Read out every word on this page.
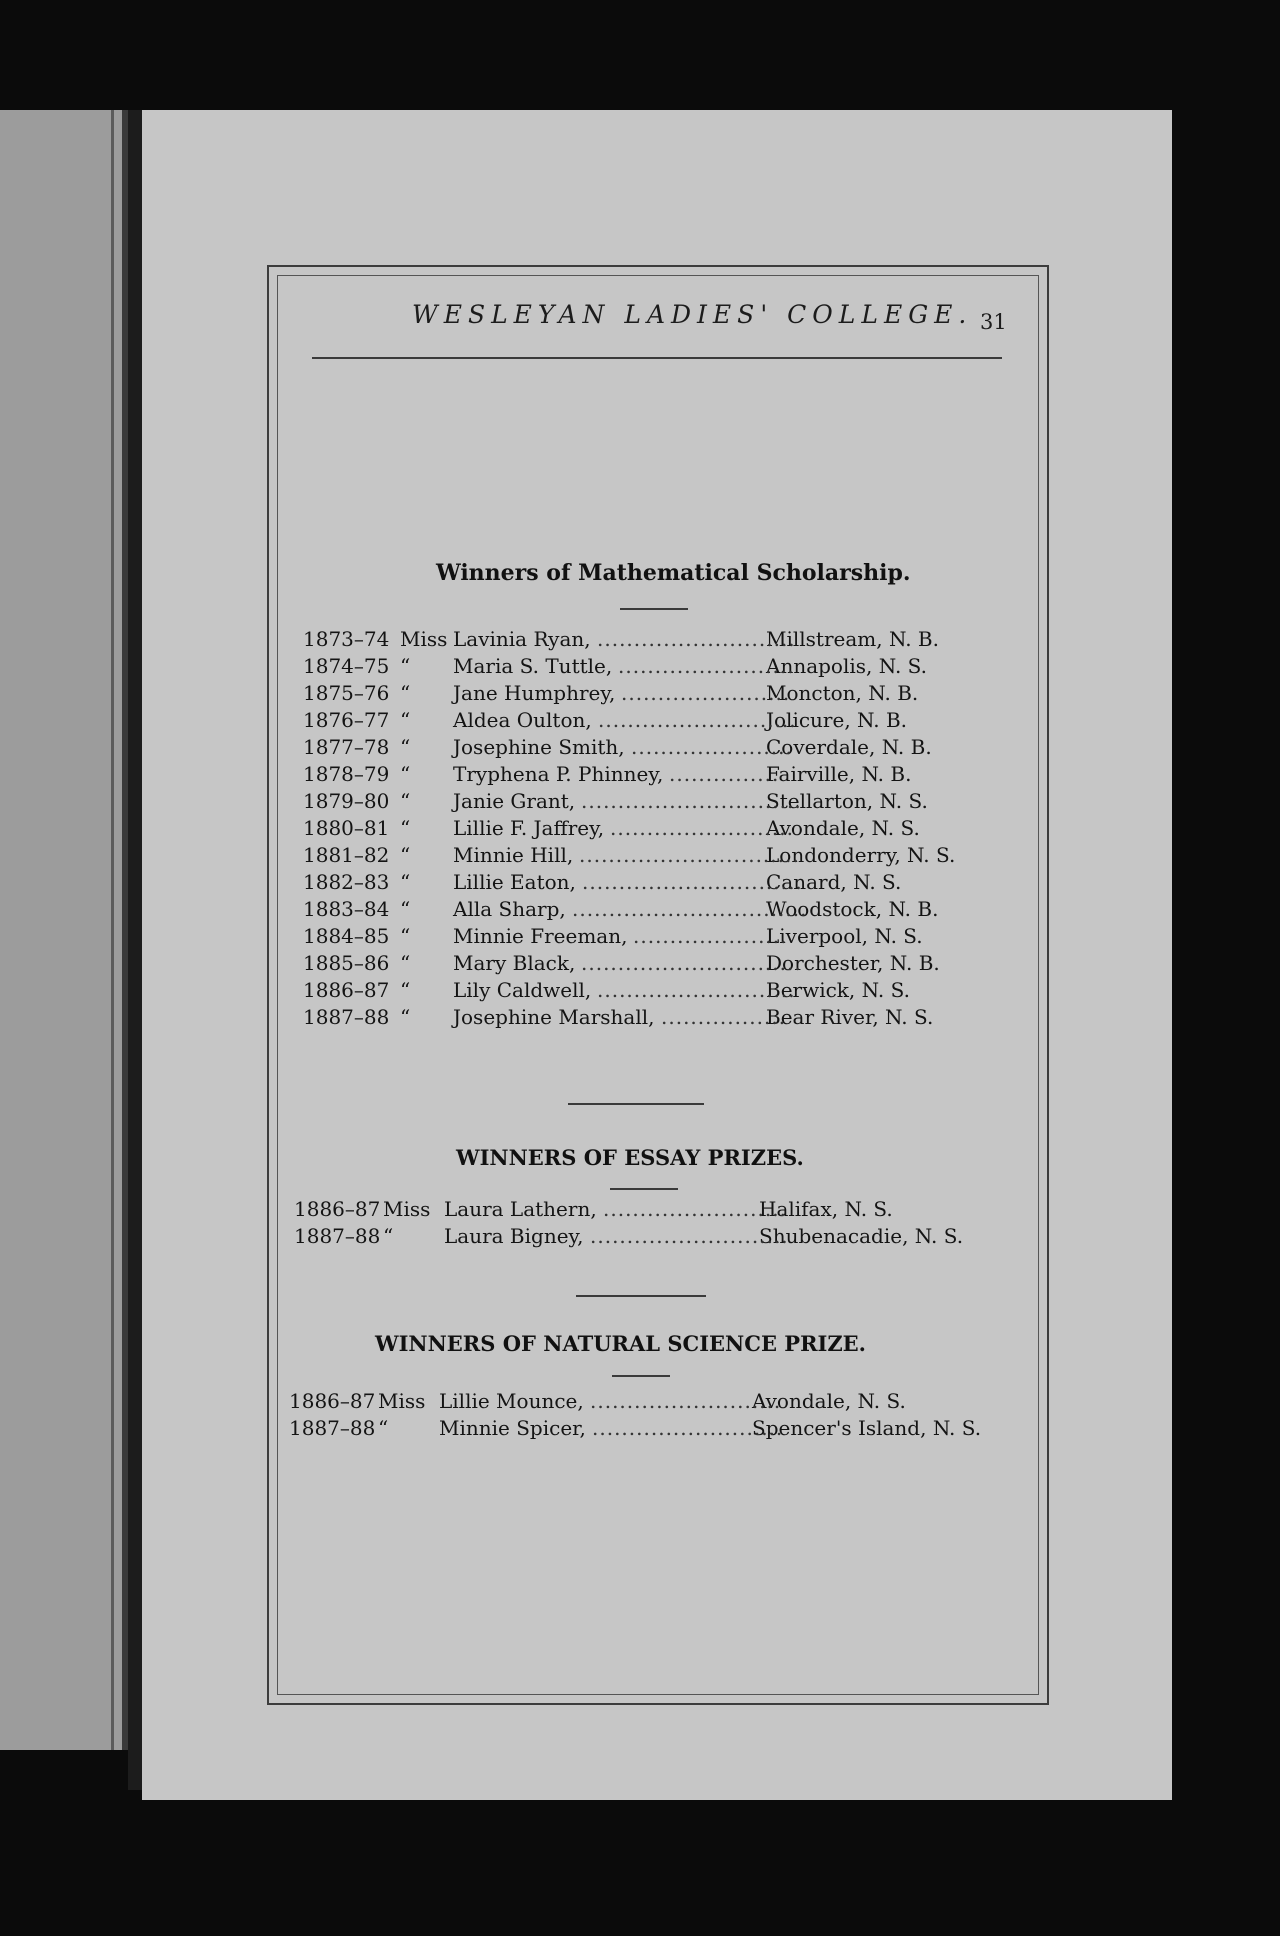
WESLEYAN LADIES' COLLEGE. 31
Winners of Mathematical Scholarship.
1873–74 Miss Lavinia Ryan,	Millstream, N. B.
...........................
1874–75 “ Maria S. Tuttle,	Annapolis, N. S.
........................
1875–76 “ Jane Humphrey,	Moncton, N. B.
.......................
1876–77 “ Aldea Oulton,	Jolicure, N. B.
...........................
1877–78 “ Josephine Smith,	Coverdale, N. B.
......................
1878–79 “ Tryphena P. Phinney,	Fairville, N. B.
...............
1879–80 “ Janie Grant,	Stellarton, N. S.
..............................
1880–81 “ Lillie F. Jaffrey,	Avondale, N. S.
.........................
1881–82 “ Minnie Hill,	Londonderry, N. S.
..............................
1882–83 “ Lillie Eaton,	Canard, N. S.
..............................
1883–84 “ Alla Sharp,	Woodstock, N. B.
................................
1884–85 “ Minnie Freeman,	Liverpool, N. S.
.....................
1885–86 “ Mary Black,	Dorchester, N. B.
..............................
1886–87 “ Lily Caldwell,	Berwick, N. S.
...........................
1887–88 “ Josephine Marshall,	Bear River, N. S.
.................
WINNERS OF ESSAY PRIZES.
1886–87 Miss Laura Lathern,	Halifax, N. S.
.........................
1887–88 “	Laura Bigney,	Shubenacadie, N. S.
...........................
WINNERS OF NATURAL SCIENCE PRIZE.
1886–87 Miss Lillie Mounce,	Avondale, N. S.
..........................
1887–88 “	Minnie Spicer,	Spencer's Island, N. S.
..........................
